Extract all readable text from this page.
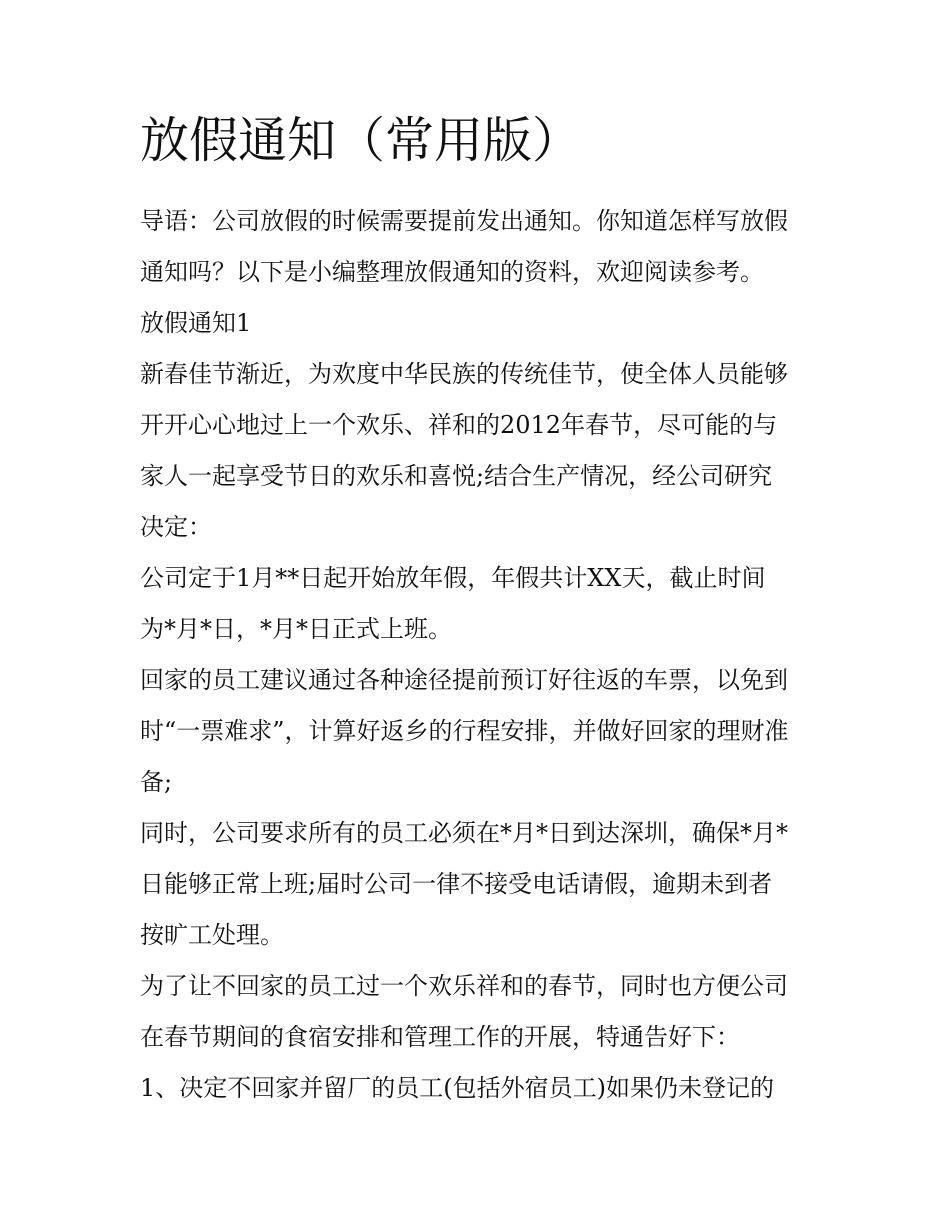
放假通知（常用版）

导语：公司放假的时候需要提前发出通知。你知道怎样写放假
通知吗？以下是小编整理放假通知的资料，欢迎阅读参考。

放假通知1

新春佳节渐近，为欢度中华民族的传统佳节，使全体人员能够
开开心心地过上一个欢乐、祥和的2012年春节，尽可能的与
家人一起享受节日的欢乐和喜悦;结合生产情况，经公司研究
决定：

公司定于1月**日起开始放年假，年假共计XX天，截止时间
为*月*日，*月*日正式上班。

回家的员工建议通过各种途径提前预订好往返的车票，以免到
时“一票难求”，计算好返乡的行程安排，并做好回家的理财准
备;

同时，公司要求所有的员工必须在*月*日到达深圳，确保*月*
日能够正常上班;届时公司一律不接受电话请假，逾期未到者
按旷工处理。

为了让不回家的员工过一个欢乐祥和的春节，同时也方便公司
在春节期间的食宿安排和管理工作的开展，特通告好下：

1、决定不回家并留厂的员工(包括外宿员工)如果仍未登记的
